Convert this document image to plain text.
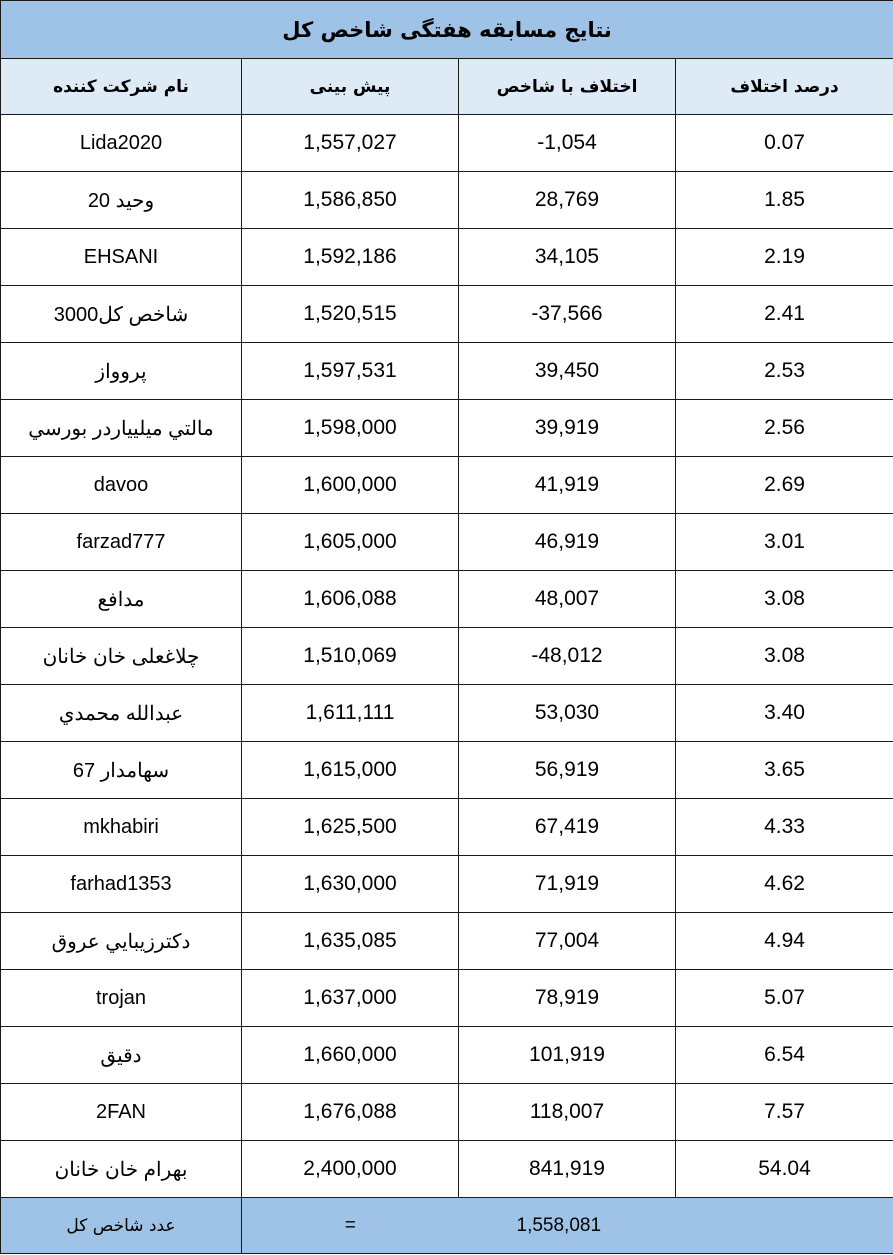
نتایج مسابقه هفتگی شاخص کل			
نام شرکت کننده	پیش بینی	اختلاف با شاخص	درصد اختلاف
Lida2020	1,557,027	-1,054	0.07
وحيد 20	1,586,850	28,769	1.85
EHSANI	1,592,186	34,105	2.19
شاخص كل3000	1,520,515	-37,566	2.41
پروواز	1,597,531	39,450	2.53
مالتي ميليياردر بورسي	1,598,000	39,919	2.56
davoo	1,600,000	41,919	2.69
farzad777	1,605,000	46,919	3.01
مدافع	1,606,088	48,007	3.08
چلاغعلی خان خانان	1,510,069	-48,012	3.08
عبدالله محمدي	1,611,111	53,030	3.40
سهامدار 67	1,615,000	56,919	3.65
mkhabiri	1,625,500	67,419	4.33
farhad1353	1,630,000	71,919	4.62
دكترزيبايي عروق	1,635,085	77,004	4.94
trojan	1,637,000	78,919	5.07
دقيق	1,660,000	101,919	6.54
2FAN	1,676,088	118,007	7.57
بهرام خان خانان	2,400,000	841,919	54.04
عدد شاخص کل	=	1,558,081	
